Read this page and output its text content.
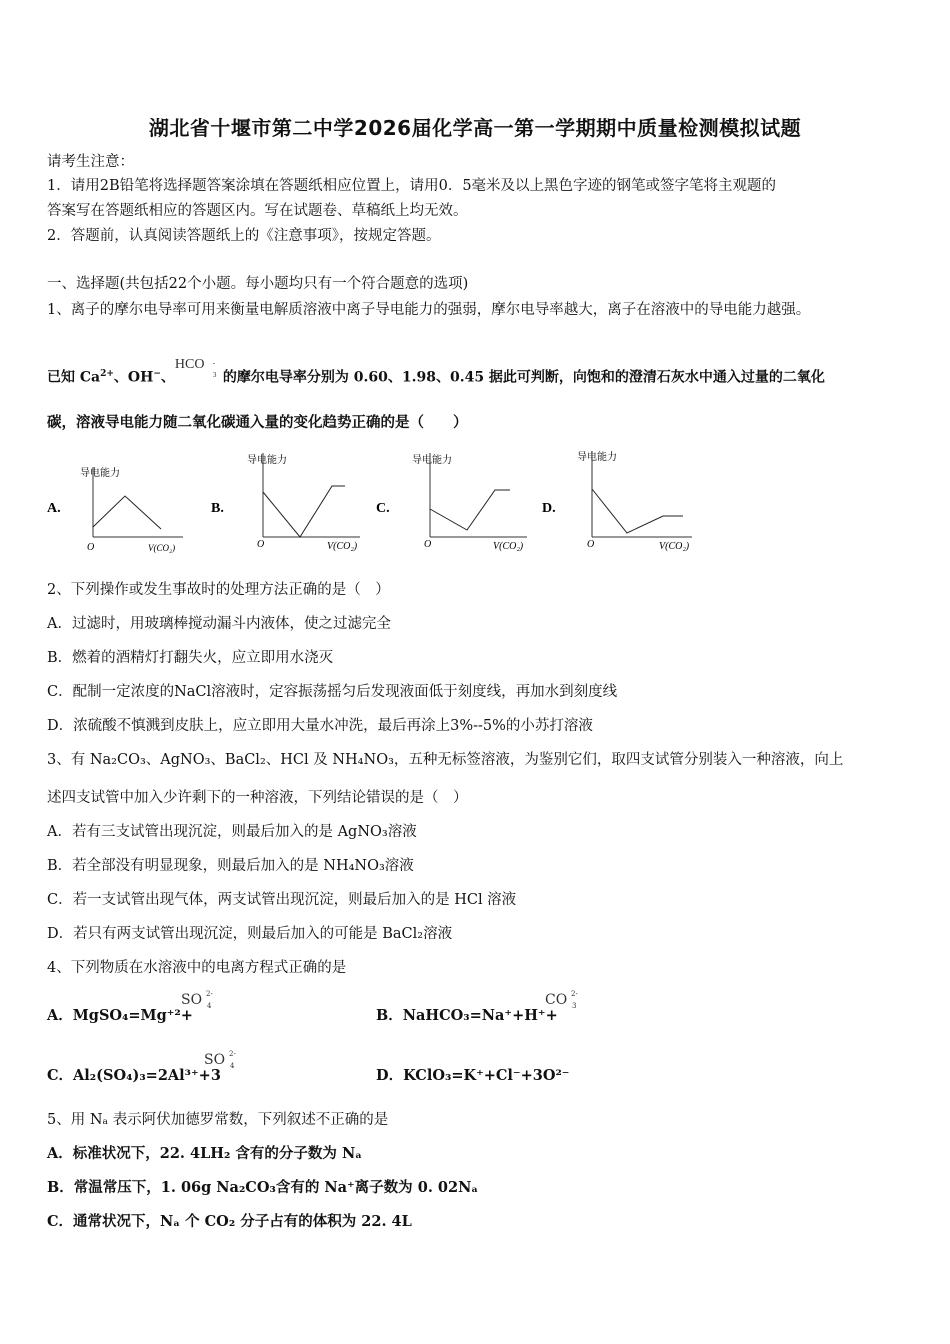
湖北省十堰市第二中学2026届化学高一第一学期期中质量检测模拟试题
请考生注意：
1．请用2B铅笔将选择题答案涂填在答题纸相应位置上，请用0．5毫米及以上黑色字迹的钢笔或签字笔将主观题的
答案写在答题纸相应的答题区内。写在试题卷、草稿纸上均无效。
2．答题前，认真阅读答题纸上的《注意事项》，按规定答题。
一、选择题(共包括22个小题。每小题均只有一个符合题意的选项)
1、离子的摩尔电导率可用来衡量电解质溶液中离子导电能力的强弱，摩尔电导率越大，离子在溶液中的导电能力越强。
已知 $Ca^{2+}$、OH−、HCO
3
-
的摩尔电导率分别为 0.60、1.98、0.45 据此可判断，向饱和的澄清石灰水中通入过量的二氧化
碳，溶液导电能力随二氧化碳通入量的变化趋势正确的是（　　）
A.
导电能力
O	V(CO₂)
B.
导电能力
O	V(CO₂)
C.
导电能力
O	V(CO₂)
D.
导电能力
O	V(CO₂)
2、下列操作或发生事故时的处理方法正确的是（　）
A．过滤时，用玻璃棒搅动漏斗内液体，使之过滤完全
B．燃着的酒精灯打翻失火，应立即用水浇灭
C．配制一定浓度的NaCl溶液时，定容振荡摇匀后发现液面低于刻度线，再加水到刻度线
D．浓硫酸不慎溅到皮肤上，应立即用大量水冲洗，最后再涂上3%--5%的小苏打溶液
3、有 Na₂CO₃、AgNO₃、BaCl₂、HCl 及 NH₄NO₃，五种无标签溶液，为鉴别它们，取四支试管分别装入一种溶液，向上
述四支试管中加入少许剩下的一种溶液，下列结论错误的是（　）
A．若有三支试管出现沉淀，则最后加入的是 AgNO₃溶液
B．若全部没有明显现象，则最后加入的是 NH₄NO₃溶液
C．若一支试管出现气体，两支试管出现沉淀，则最后加入的是 HCl 溶液
D．若只有两支试管出现沉淀，则最后加入的可能是 BaCl₂溶液
4、下列物质在水溶液中的电离方程式正确的是
A．MgSO₄=Mg⁺²+
SO 2-
4
B．NaHCO₃=Na⁺+H⁺+
CO 2-
3
C．Al₂(SO₄)₃=2Al³⁺+3
SO 2-
4
D．KClO₃=K⁺+Cl⁻+3O²⁻
5、用 Nₐ 表示阿伏加德罗常数，下列叙述不正确的是
A．标准状况下，22. 4LH₂ 含有的分子数为 Nₐ
B．常温常压下，1. 06g Na₂CO₃含有的 Na⁺离子数为 0. 02Nₐ
C．通常状况下，Nₐ 个 CO₂ 分子占有的体积为 22. 4L
